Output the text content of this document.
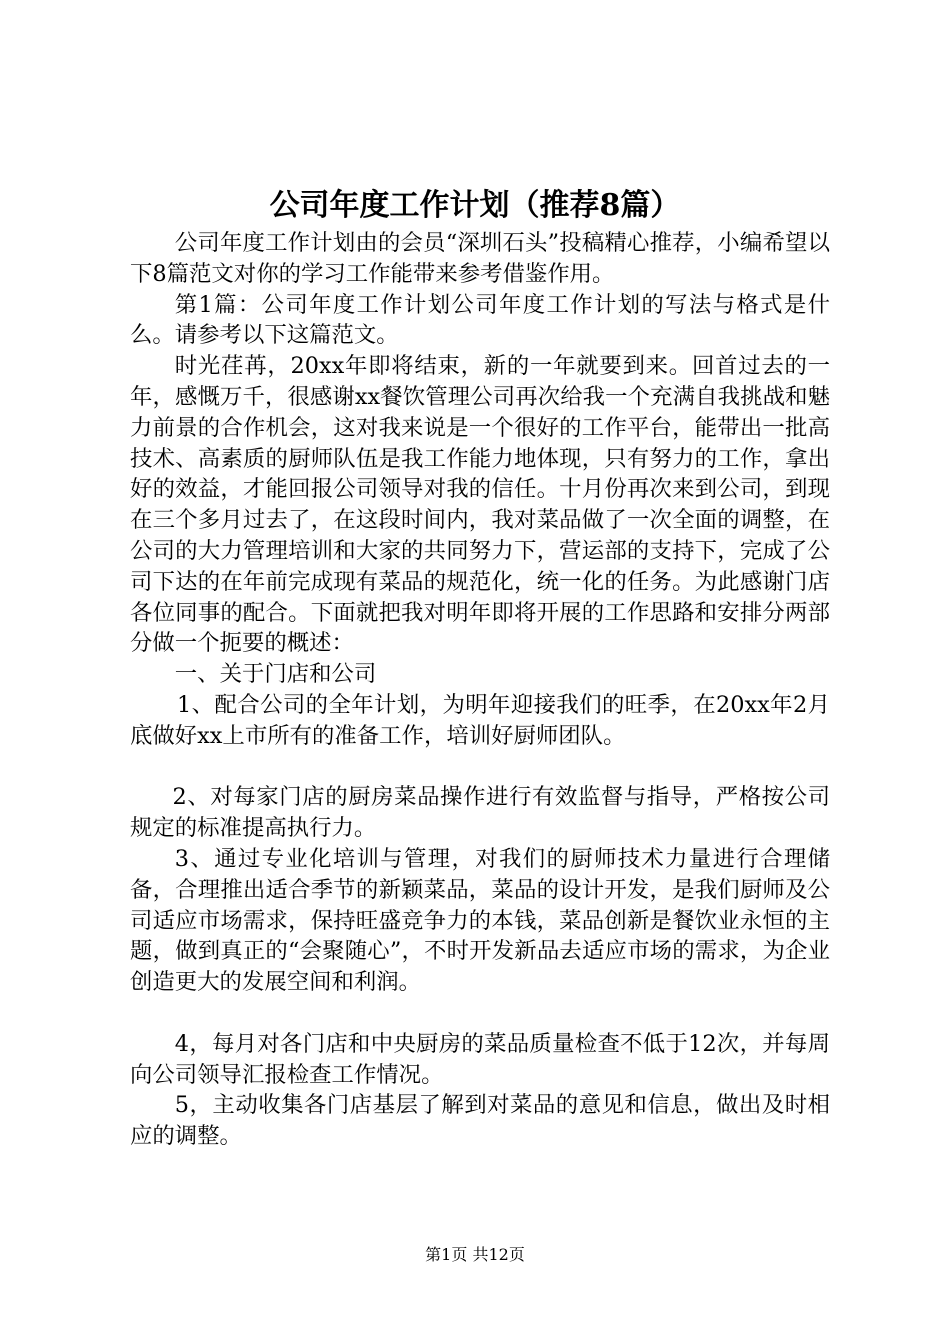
公司年度工作计划（推荐8篇）

公司年度工作计划由的会员“深圳石头”投稿精心推荐，小编希望以下8篇范文对你的学习工作能带来参考借鉴作用。

第1篇：公司年度工作计划公司年度工作计划的写法与格式是什么。请参考以下这篇范文。

时光荏苒，20xx年即将结束，新的一年就要到来。回首过去的一年，感慨万千，很感谢xx餐饮管理公司再次给我一个充满自我挑战和魅力前景的合作机会，这对我来说是一个很好的工作平台，能带出一批高技术、高素质的厨师队伍是我工作能力地体现，只有努力的工作，拿出好的效益，才能回报公司领导对我的信任。十月份再次来到公司，到现在三个多月过去了，在这段时间内，我对菜品做了一次全面的调整，在公司的大力管理培训和大家的共同努力下，营运部的支持下，完成了公司下达的在年前完成现有菜品的规范化，统一化的任务。为此感谢门店各位同事的配合。下面就把我对明年即将开展的工作思路和安排分两部分做一个扼要的概述：

一、关于门店和公司

1、配合公司的全年计划，为明年迎接我们的旺季，在20xx年2月底做好xx上市所有的准备工作，培训好厨师团队。

2、对每家门店的厨房菜品操作进行有效监督与指导，严格按公司规定的标准提高执行力。

3、通过专业化培训与管理，对我们的厨师技术力量进行合理储备，合理推出适合季节的新颖菜品，菜品的设计开发，是我们厨师及公司适应市场需求，保持旺盛竞争力的本钱，菜品创新是餐饮业永恒的主题，做到真正的“会聚随心”，不时开发新品去适应市场的需求，为企业创造更大的发展空间和利润。

4，每月对各门店和中央厨房的菜品质量检查不低于12次，并每周向公司领导汇报检查工作情况。

5，主动收集各门店基层了解到对菜品的意见和信息，做出及时相应的调整。

第1页 共12页
